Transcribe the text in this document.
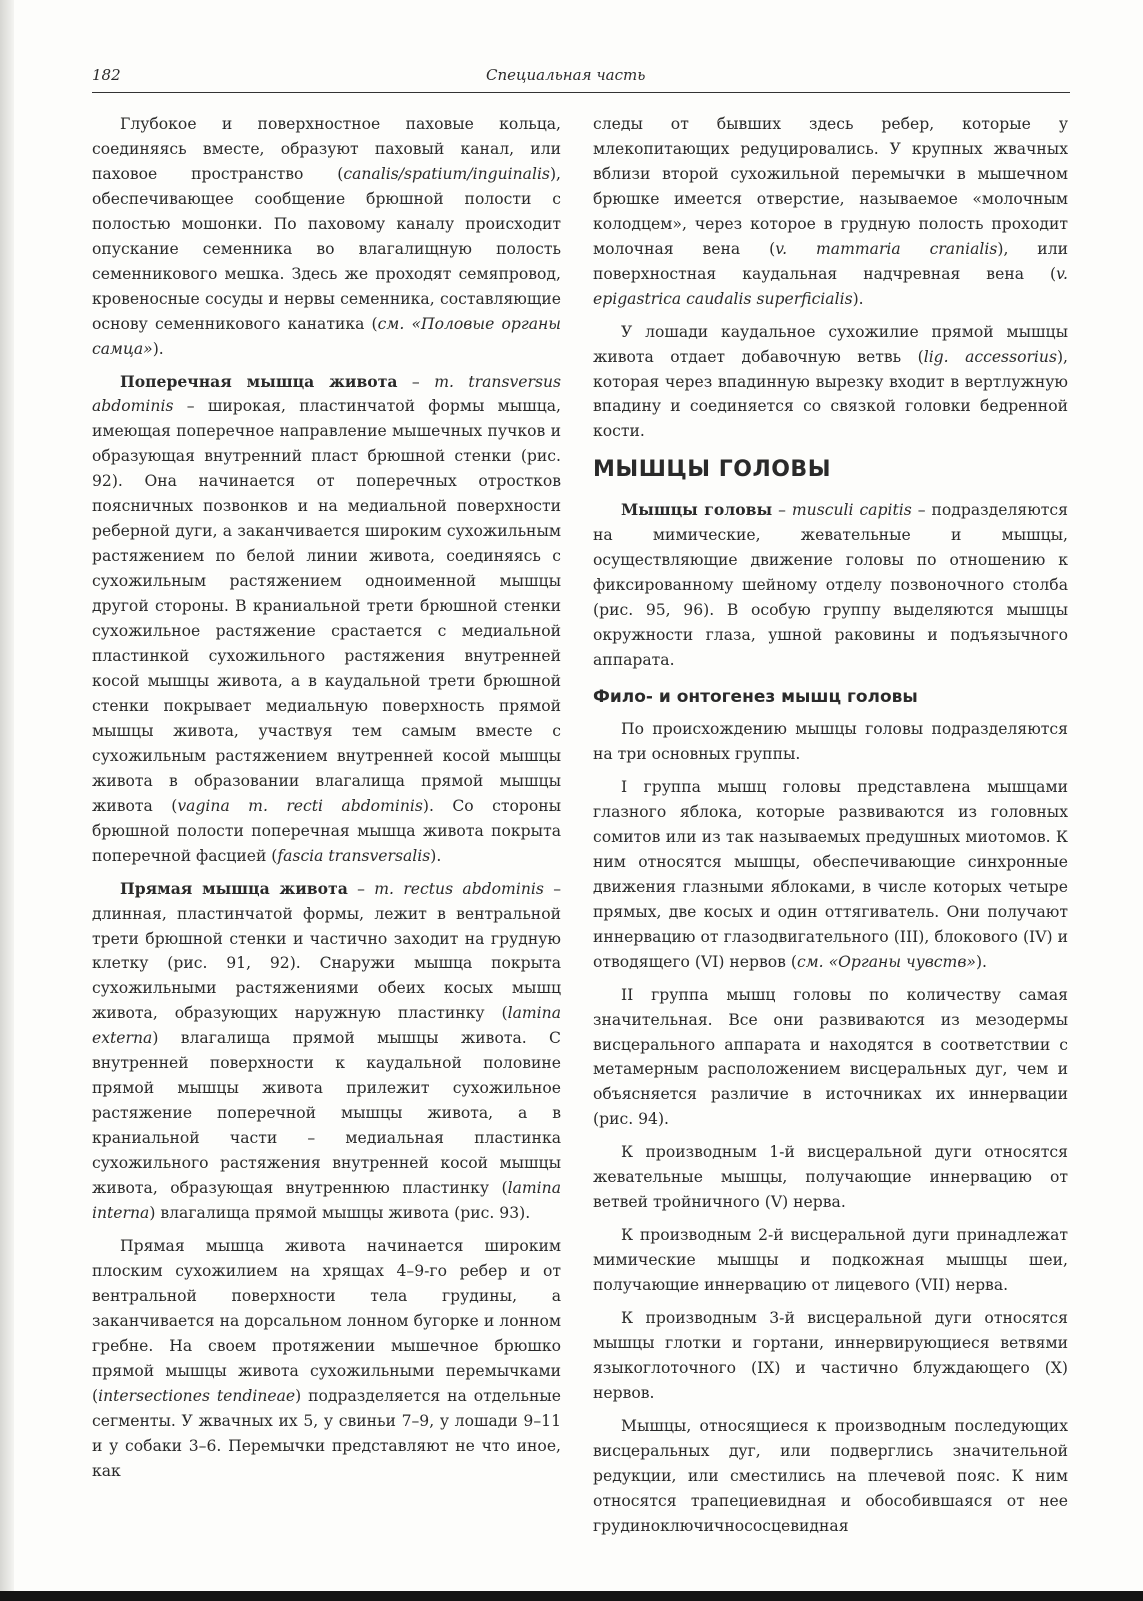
182	Специальная часть

Глубокое и поверхностное паховые кольца, соединяясь вместе, образуют паховый канал, или паховое пространство (canalis/spatium/inguinalis), обеспечивающее сообщение брюшной полости с полостью мошонки. По паховому каналу происходит опускание семенника во влагалищную полость семенникового мешка. Здесь же проходят семяпровод, кровеносные сосуды и нервы семенника, составляющие основу семенникового канатика (см. «Половые органы самца»).

Поперечная мышца живота – m. transversus abdominis – широкая, пластинчатой формы мышца, имеющая поперечное направление мышечных пучков и образующая внутренний пласт брюшной стенки (рис. 92). Она начинается от поперечных отростков поясничных позвонков и на медиальной поверхности реберной дуги, а заканчивается широким сухожильным растяжением по белой линии живота, соединяясь с сухожильным растяжением одноименной мышцы другой стороны. В краниальной трети брюшной стенки сухожильное растяжение срастается с медиальной пластинкой сухожильного растяжения внутренней косой мышцы живота, а в каудальной трети брюшной стенки покрывает медиальную поверхность прямой мышцы живота, участвуя тем самым вместе с сухожильным растяжением внутренней косой мышцы живота в образовании влагалища прямой мышцы живота (vagina m. recti abdominis). Со стороны брюшной полости поперечная мышца живота покрыта поперечной фасцией (fascia transversalis).

Прямая мышца живота – m. rectus abdominis – длинная, пластинчатой формы, лежит в вентральной трети брюшной стенки и частично заходит на грудную клетку (рис. 91, 92). Снаружи мышца покрыта сухожильными растяжениями обеих косых мышц живота, образующих наружную пластинку (lamina externa) влагалища прямой мышцы живота. С внутренней поверхности к каудальной половине прямой мышцы живота прилежит сухожильное растяжение поперечной мышцы живота, а в краниальной части – медиальная пластинка сухожильного растяжения внутренней косой мышцы живота, образующая внутреннюю пластинку (lamina interna) влагалища прямой мышцы живота (рис. 93).

Прямая мышца живота начинается широким плоским сухожилием на хрящах 4–9-го ребер и от вентральной поверхности тела грудины, а заканчивается на дорсальном лонном бугорке и лонном гребне. На своем протяжении мышечное брюшко прямой мышцы живота сухожильными перемычками (intersectiones tendineae) подразделяется на отдельные сегменты. У жвачных их 5, у свиньи 7–9, у лошади 9–11 и у собаки 3–6. Перемычки представляют не что иное, как

следы от бывших здесь ребер, которые у млекопитающих редуцировались. У крупных жвачных вблизи второй сухожильной перемычки в мышечном брюшке имеется отверстие, называемое «молочным колодцем», через которое в грудную полость проходит молочная вена (v. mammaria cranialis), или поверхностная каудальная надчревная вена (v. epigastrica caudalis superficialis).

У лошади каудальное сухожилие прямой мышцы живота отдает добавочную ветвь (lig. accessorius), которая через впадинную вырезку входит в вертлужную впадину и соединяется со связкой головки бедренной кости.

МЫШЦЫ ГОЛОВЫ

Мышцы головы – musculi capitis – подразделяются на мимические, жевательные и мышцы, осуществляющие движение головы по отношению к фиксированному шейному отделу позвоночного столба (рис. 95, 96). В особую группу выделяются мышцы окружности глаза, ушной раковины и подъязычного аппарата.

Фило- и онтогенез мышц головы

По происхождению мышцы головы подразделяются на три основных группы.

I группа мышц головы представлена мышцами глазного яблока, которые развиваются из головных сомитов или из так называемых предушных миотомов. К ним относятся мышцы, обеспечивающие синхронные движения глазными яблоками, в числе которых четыре прямых, две косых и один оттягиватель. Они получают иннервацию от глазодвигательного (III), блокового (IV) и отводящего (VI) нервов (см. «Органы чувств»).

II группа мышц головы по количеству самая значительная. Все они развиваются из мезодермы висцерального аппарата и находятся в соответствии с метамерным расположением висцеральных дуг, чем и объясняется различие в источниках их иннервации (рис. 94).

К производным 1-й висцеральной дуги относятся жевательные мышцы, получающие иннервацию от ветвей тройничного (V) нерва.

К производным 2-й висцеральной дуги принадлежат мимические мышцы и подкожная мышцы шеи, получающие иннервацию от лицевого (VII) нерва.

К производным 3-й висцеральной дуги относятся мышцы глотки и гортани, иннервирующиеся ветвями языкоглоточного (IX) и частично блуждающего (X) нервов.

Мышцы, относящиеся к производным последующих висцеральных дуг, или подверглись значительной редукции, или сместились на плечевой пояс. К ним относятся трапециевидная и обособившаяся от нее грудиноключичнососцевидная
